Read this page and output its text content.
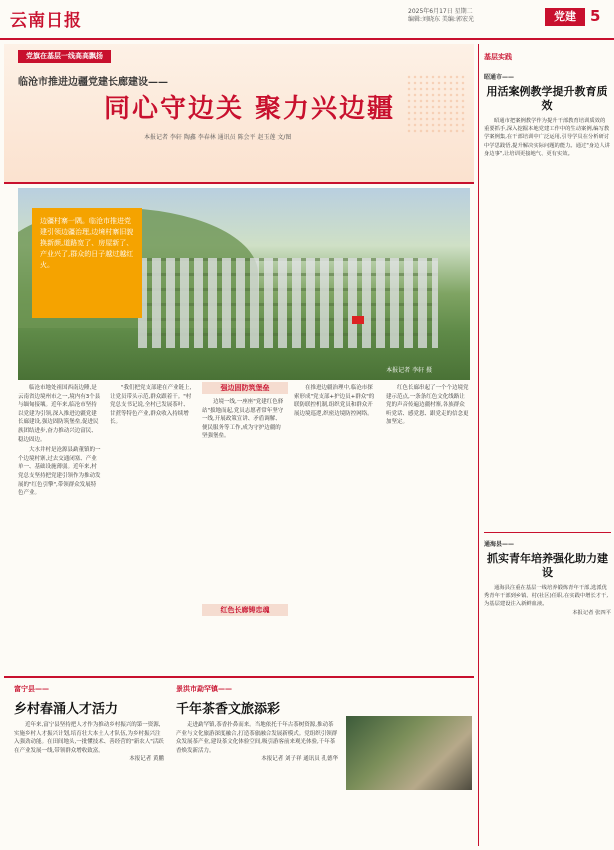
云南日报	2025年6月17日 星期二
编辑:刘晓东 美编:郭宏光	党建 5
党旗在基层一线高高飘扬
临沧市推进边疆党建长廊建设——
同心守边关 聚力兴边疆
本报记者 李轩 陶鑫 李春林 通讯员 陈会平 赵玉莲 文/图
边疆村寨一隅。临沧市推进党建引领边疆治理,边境村寨旧貌换新颜,道路宽了、房屋新了、产业兴了,群众的日子越过越红火。
本报记者 李轩 摄

临沧市地处祖国西南边陲,是云南省边境州市之一,境内有3个县与缅甸接壤。近年来,临沧市坚持以党建为引领,深入推进边疆党建长廊建设,强边固防筑堡垒,促进民族团结进步,奋力推动兴边富民、稳边固边。

大水井村是沧源县勐董镇的一个边境村寨,过去交通闭塞、产业单一、基础设施薄弱。近年来,村党总支坚持把党建引领作为推动发展的"红色引擎",带领群众发展特色产业。

"我们把党支部建在产业链上,让党员带头示范,群众跟着干。"村党总支书记说,全村已发展茶叶、甘蔗等特色产业,群众收入持续增长。

强边固防筑堡垒

边境一线,一座座"党建红色驿站"拔地而起,党员志愿者常年坚守一线,开展政策宣讲、矛盾调解、便民服务等工作,成为守护边疆的坚强堡垒。

在推进边疆治理中,临沧市探索形成"党支部+护边员+群众"的联防联控机制,组织党员和群众开展边境巡逻,织密边境防控网络。

红色长廊串起了一个个边境党建示范点,一条条红色文化线路让党的声音传遍边疆村寨,各族群众听党话、感党恩、跟党走的信念更加坚定。

红色长廊铸忠魂
富宁县——
乡村春涌人才活力

近年来,富宁县坚持把人才作为推动乡村振兴的第一资源,实施乡村人才振兴计划,培育壮大本土人才队伍,为乡村振兴注入强劲动能。在田间地头,一批懂技术、善经营的"新农人"活跃在产业发展一线,带领群众增收致富。

本报记者 黄鹏

景洪市勐罕镇——
千年茶香文旅添彩

走进勐罕镇,茶香扑鼻而来。当地依托千年古茶树资源,推动茶产业与文化旅游深度融合,打造茶旅融合发展新模式。党组织引领群众发展茶产业,建设茶文化体验空间,吸引游客前来观光体验,千年茶香焕发新活力。

本报记者 刘子祥 通讯员 孔德华

基层实践
昭通市——
用活案例教学提升教育质效

昭通市把案例教学作为提升干部教育培训质效的重要抓手,深入挖掘本地党建工作中的生动案例,编写教学案例集,在干部培训中广泛运用,引导学员在分析研讨中学思践悟,提升解决实际问题的能力。通过"身边人讲身边事",让培训更接地气、更有实效。

通海县——
抓实青年培养强化助力建设

通海县注重在基层一线培养锻炼青年干部,选派优秀青年干部到乡镇、村(社区)任职,在实践中增长才干,为基层建设注入新鲜血液。

本报记者 张四平
